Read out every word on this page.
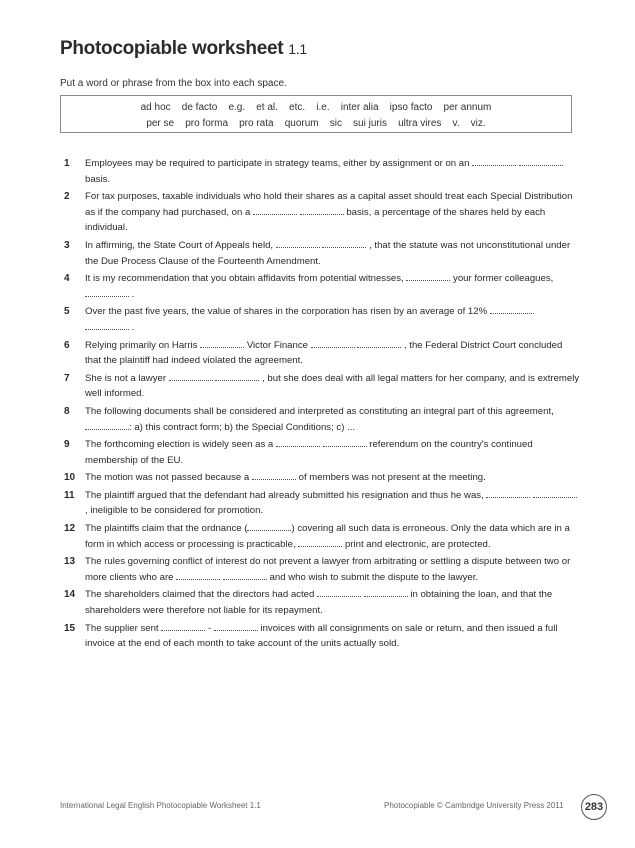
Photocopiable worksheet 1.1
Put a word or phrase from the box into each space.
ad hoc    de facto    e.g.    et al.    etc.    i.e.    inter alia    ipso facto    per annum
per se    pro forma    pro rata    quorum    sic    sui juris    ultra vires    v.    viz.
1 Employees may be required to participate in strategy teams, either by assignment or on an   basis.
2 For tax purposes, taxable individuals who hold their shares as a capital asset should treat each Special Distribution as if the company had purchased, on a	basis, a percentage of the shares held by each individual.
3 In affirming, the State Court of Appeals held,	, that the statute was not unconstitutional under the Due Process Clause of the Fourteenth Amendment.
4 It is my recommendation that you obtain affidavits from potential witnesses,	your former colleagues,  .
5 Over the past five years, the value of shares in the corporation has risen by an average of 12%   .
6 Relying primarily on Harris	Victor Finance	, the Federal District Court concluded that the plaintiff had indeed violated the agreement.
7 She is not a lawyer	, but she does deal with all legal matters for her company, and is extremely well informed.
8 The following documents shall be considered and interpreted as constituting an integral part of this agreement, : a) this contract form; b) the Special Conditions; c) ...
9 The forthcoming election is widely seen as a	referendum on the country's continued membership of the EU.
10 The motion was not passed because a	of members was not present at the meeting.
11 The plaintiff argued that the defendant had already submitted his resignation and thus he was,   , ineligible to be considered for promotion.
12 The plaintiffs claim that the ordnance (	) covering all such data is erroneous. Only the data which are in a form in which access or processing is practicable,	print and electronic, are protected.
13 The rules governing conflict of interest do not prevent a lawyer from arbitrating or settling a dispute between two or more clients who are	and who wish to submit the dispute to the lawyer.
14 The shareholders claimed that the directors had acted	in obtaining the loan, and that the shareholders were therefore not liable for its repayment.
15 The supplier sent	-	invoices with all consignments on sale or return, and then issued a full invoice at the end of each month to take account of the units actually sold.
International Legal English Photocopiable Worksheet 1.1	Photocopiable © Cambridge University Press 2011	283
